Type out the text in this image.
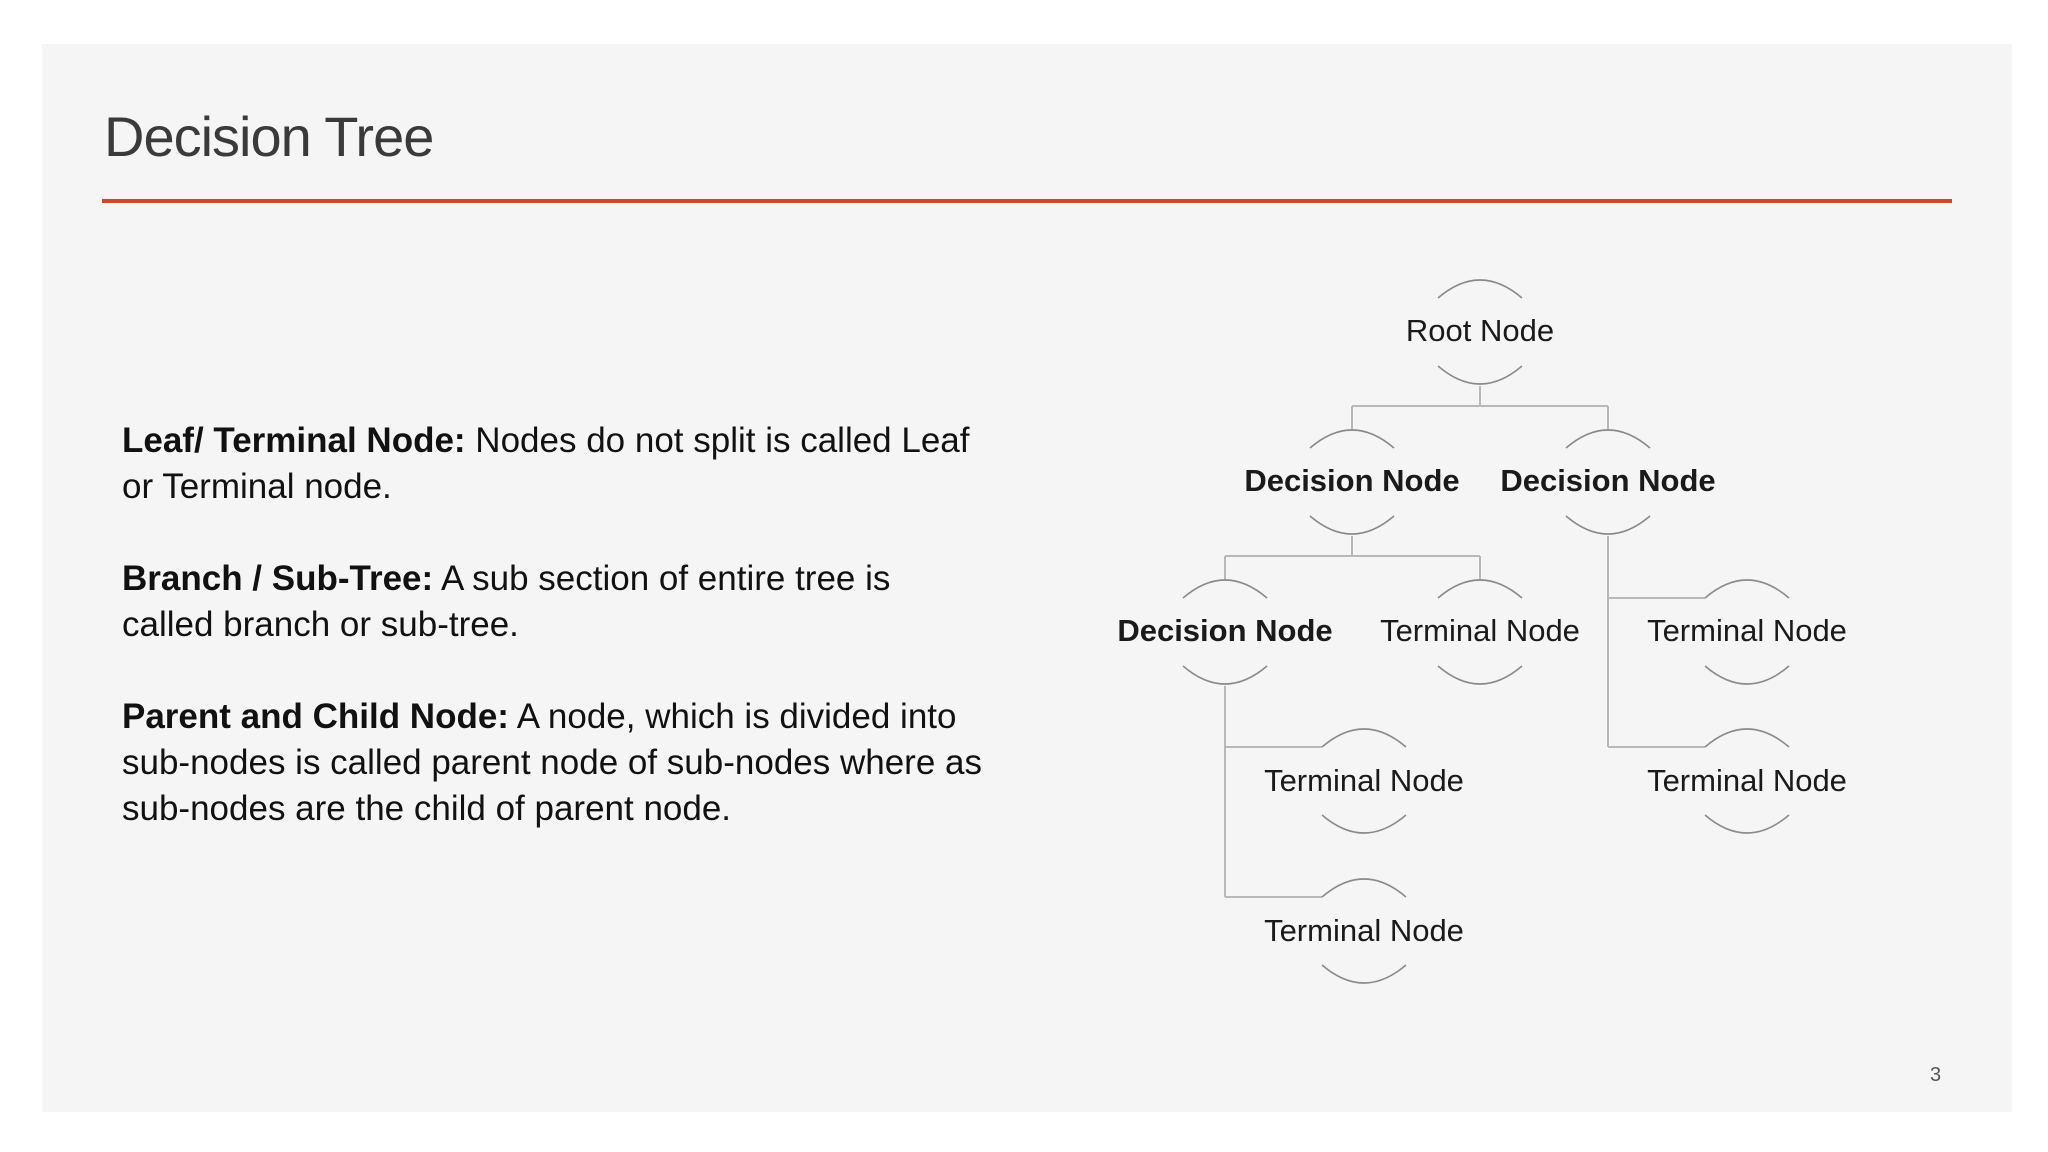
Decision Tree

Leaf/ Terminal Node: Nodes do not split is called Leaf or Terminal node.

Branch / Sub-Tree: A sub section of entire tree is called branch or sub-tree.

Parent and Child Node: A node, which is divided into sub-nodes is called parent node of sub-nodes where as sub-nodes are the child of parent node.

Root Node
Decision Node Decision Node
Decision Node Terminal Node Terminal Node
Terminal Node
Terminal Node
Terminal Node
3
